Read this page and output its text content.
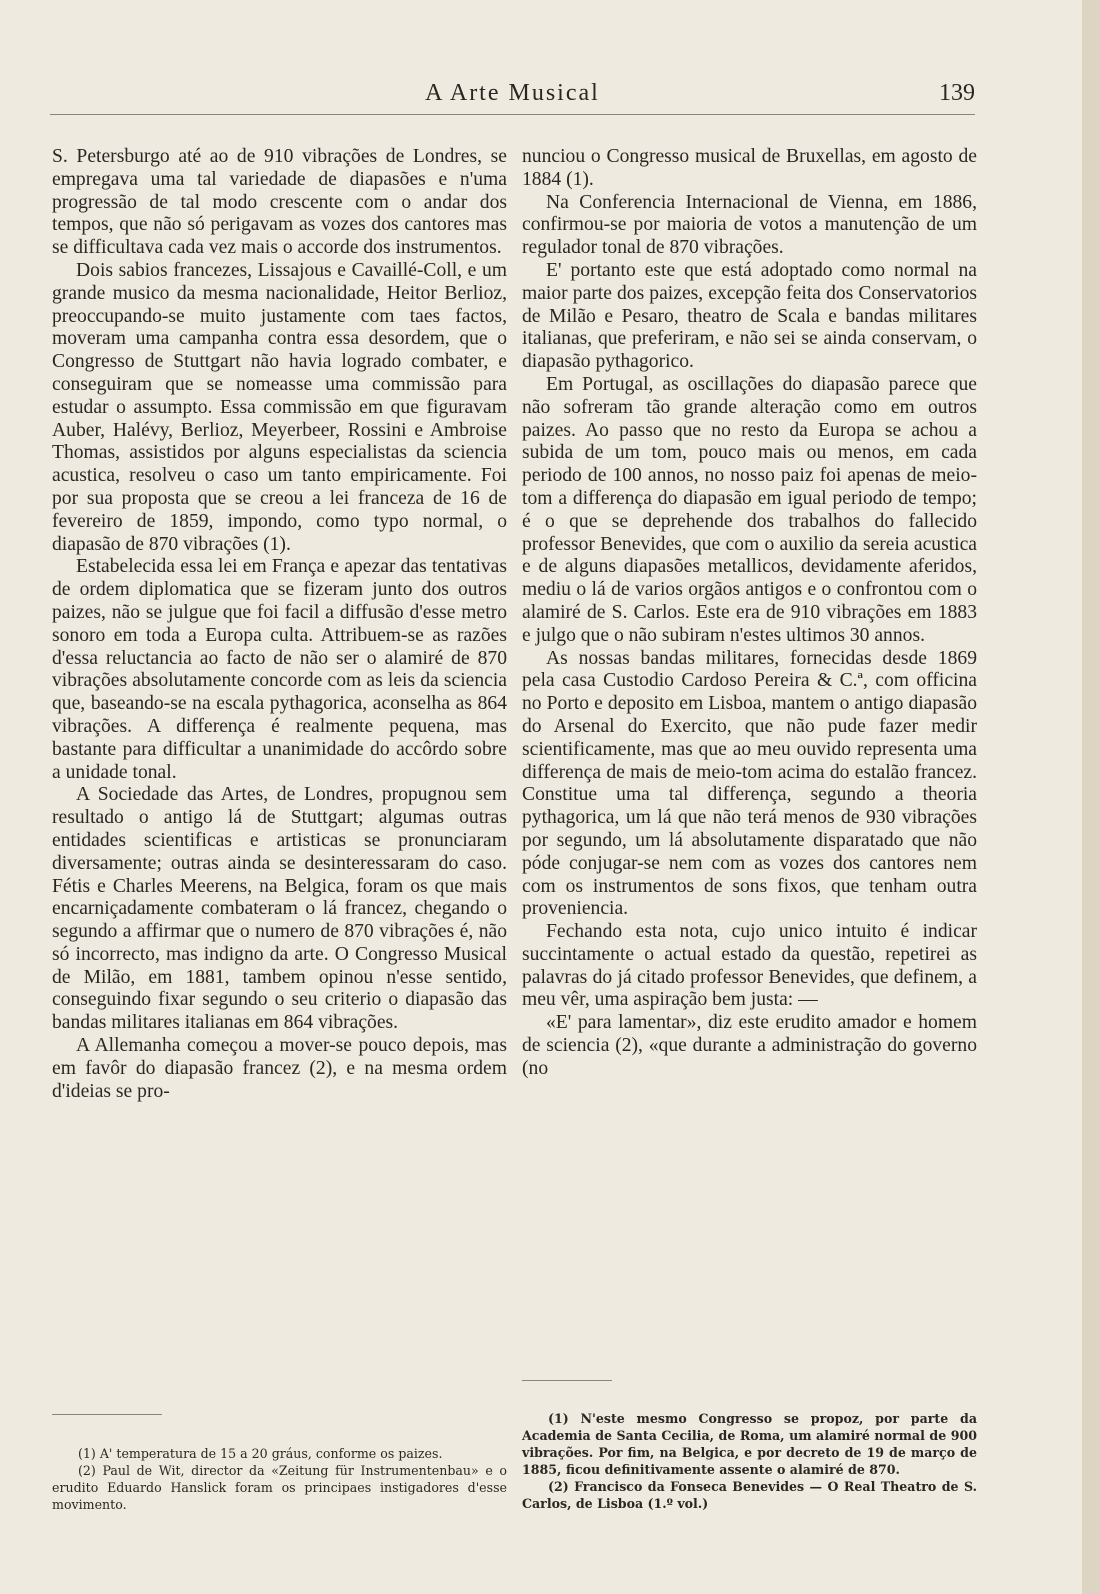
A Arte Musical	139

S. Petersburgo até ao de 910 vibrações de Londres, se empregava uma tal variedade de diapasões e n'uma progressão de tal modo crescente com o andar dos tempos, que não só perigavam as vozes dos cantores mas se difficultava cada vez mais o accorde dos instrumentos.

Dois sabios francezes, Lissajous e Cavaillé-Coll, e um grande musico da mesma nacionalidade, Heitor Berlioz, preoccupando-se muito justamente com taes factos, moveram uma campanha contra essa desordem, que o Congresso de Stuttgart não havia logrado combater, e conseguiram que se nomeasse uma commissão para estudar o assumpto. Essa commissão em que figuravam Auber, Halévy, Berlioz, Meyerbeer, Rossini e Ambroise Thomas, assistidos por alguns especialistas da sciencia acustica, resolveu o caso um tanto empiricamente. Foi por sua proposta que se creou a lei franceza de 16 de fevereiro de 1859, impondo, como typo normal, o diapasão de 870 vibrações (1).

Estabelecida essa lei em França e apezar das tentativas de ordem diplomatica que se fizeram junto dos outros paizes, não se julgue que foi facil a diffusão d'esse metro sonoro em toda a Europa culta. Attribuem-se as razões d'essa reluctancia ao facto de não ser o alamiré de 870 vibrações absolutamente concorde com as leis da sciencia que, baseando-se na escala pythagorica, aconselha as 864 vibrações. A differença é realmente pequena, mas bastante para difficultar a unanimidade do accôrdo sobre a unidade tonal.

A Sociedade das Artes, de Londres, propugnou sem resultado o antigo lá de Stuttgart; algumas outras entidades scientificas e artisticas se pronunciaram diversamente; outras ainda se desinteressaram do caso. Fétis e Charles Meerens, na Belgica, foram os que mais encarniçadamente combateram o lá francez, chegando o segundo a affirmar que o numero de 870 vibrações é, não só incorrecto, mas indigno da arte. O Congresso Musical de Milão, em 1881, tambem opinou n'esse sentido, conseguindo fixar segundo o seu criterio o diapasão das bandas militares italianas em 864 vibrações.

A Allemanha começou a mover-se pouco depois, mas em favôr do diapasão francez (2), e na mesma ordem d'ideias se pro-

nunciou o Congresso musical de Bruxellas, em agosto de 1884 (1).

Na Conferencia Internacional de Vienna, em 1886, confirmou-se por maioria de votos a manutenção de um regulador tonal de 870 vibrações.

E' portanto este que está adoptado como normal na maior parte dos paizes, excepção feita dos Conservatorios de Milão e Pesaro, theatro de Scala e bandas militares italianas, que preferiram, e não sei se ainda conservam, o diapasão pythagorico.

Em Portugal, as oscillações do diapasão parece que não sofreram tão grande alteração como em outros paizes. Ao passo que no resto da Europa se achou a subida de um tom, pouco mais ou menos, em cada periodo de 100 annos, no nosso paiz foi apenas de meio-tom a differença do diapasão em igual periodo de tempo; é o que se deprehende dos trabalhos do fallecido professor Benevides, que com o auxilio da sereia acustica e de alguns diapasões metallicos, devidamente aferidos, mediu o lá de varios orgãos antigos e o confrontou com o alamiré de S. Carlos. Este era de 910 vibrações em 1883 e julgo que o não subiram n'estes ultimos 30 annos.

As nossas bandas militares, fornecidas desde 1869 pela casa Custodio Cardoso Pereira & C.ª, com officina no Porto e deposito em Lisboa, mantem o antigo diapasão do Arsenal do Exercito, que não pude fazer medir scientificamente, mas que ao meu ouvido representa uma differença de mais de meio-tom acima do estalão francez. Constitue uma tal differença, segundo a theoria pythagorica, um lá que não terá menos de 930 vibrações por segundo, um lá absolutamente disparatado que não póde conjugar-se nem com as vozes dos cantores nem com os instrumentos de sons fixos, que tenham outra proveniencia.

Fechando esta nota, cujo unico intuito é indicar succintamente o actual estado da questão, repetirei as palavras do já citado professor Benevides, que definem, a meu vêr, uma aspiração bem justa: —

«E' para lamentar», diz este erudito amador e homem de sciencia (2), «que durante a administração do governo (no

(1) A' temperatura de 15 a 20 gráus, conforme os paizes.

(2) Paul de Wit, director da «Zeitung für Instrumentenbau» e o erudito Eduardo Hanslick foram os principaes instigadores d'esse movimento.

(1) N'este mesmo Congresso se propoz, por parte da Academia de Santa Cecilia, de Roma, um alamiré normal de 900 vibrações. Por fim, na Belgica, e por decreto de 19 de março de 1885, ficou definitivamente assente o alamiré de 870.

(2) Francisco da Fonseca Benevides — O Real Theatro de S. Carlos, de Lisboa (1.º vol.)
